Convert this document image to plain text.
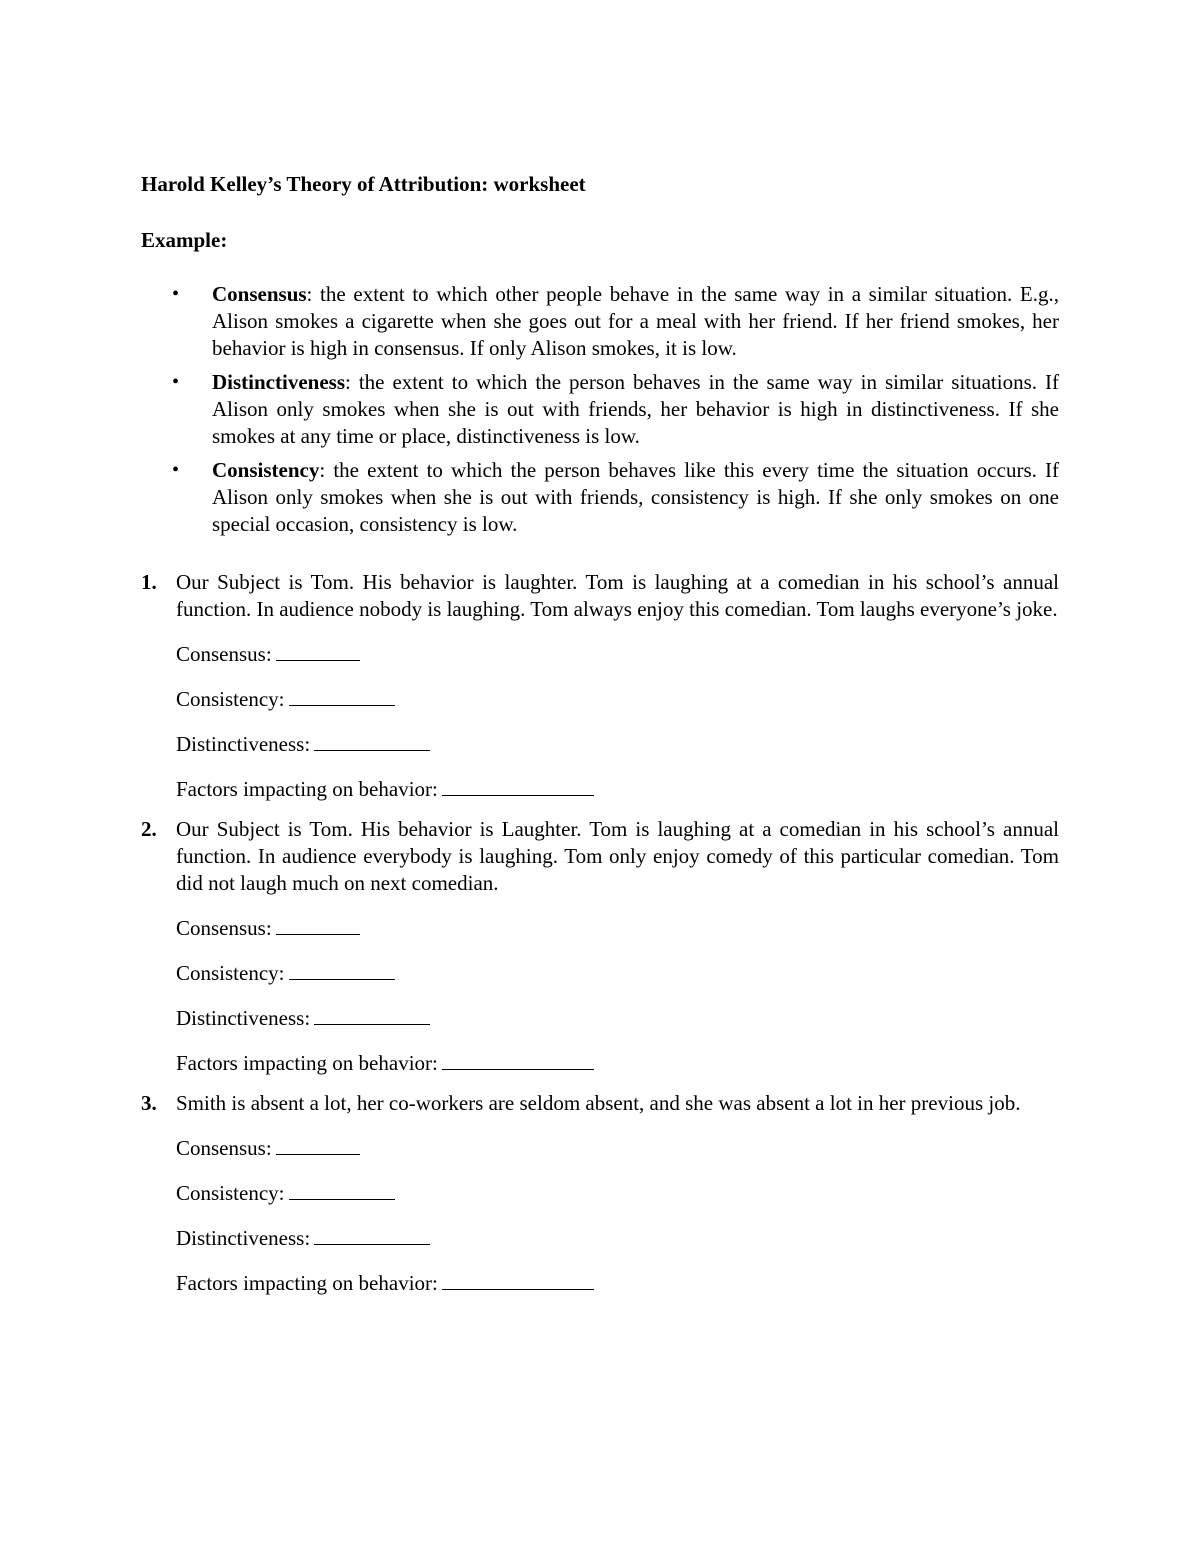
Harold Kelley’s Theory of Attribution: worksheet

Example:

• Consensus: the extent to which other people behave in the same way in a similar situation. E.g., Alison smokes a cigarette when she goes out for a meal with her friend. If her friend smokes, her behavior is high in consensus. If only Alison smokes, it is low.
• Distinctiveness: the extent to which the person behaves in the same way in similar situations. If Alison only smokes when she is out with friends, her behavior is high in distinctiveness. If she smokes at any time or place, distinctiveness is low.
• Consistency: the extent to which the person behaves like this every time the situation occurs. If Alison only smokes when she is out with friends, consistency is high. If she only smokes on one special occasion, consistency is low.
1. Our Subject is Tom. His behavior is laughter. Tom is laughing at a comedian in his school’s annual function. In audience nobody is laughing. Tom always enjoy this comedian. Tom laughs everyone’s joke.

Consensus:

Consistency:

Distinctiveness:

Factors impacting on behavior:

2. Our Subject is Tom. His behavior is Laughter. Tom is laughing at a comedian in his school’s annual function. In audience everybody is laughing. Tom only enjoy comedy of this particular comedian. Tom did not laugh much on next comedian.

Consensus:

Consistency:

Distinctiveness:

Factors impacting on behavior:

3. Smith is absent a lot, her co-workers are seldom absent, and she was absent a lot in her previous job.

Consensus:

Consistency:

Distinctiveness:

Factors impacting on behavior:
